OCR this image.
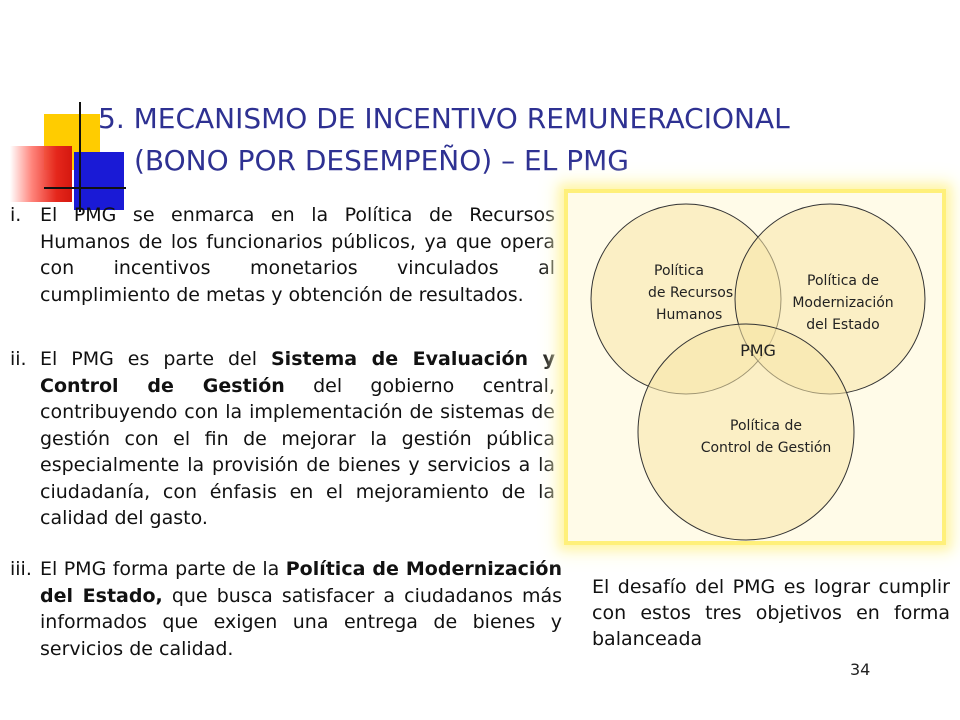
5. MECANISMO DE INCENTIVO REMUNERACIONAL
(BONO POR DESEMPEÑO) – EL PMG

i. El PMG se enmarca en la Política de Recursos Humanos de los funcionarios públicos, ya que opera con incentivos monetarios vinculados al cumplimiento de metas y obtención de resultados.

ii. El PMG es parte del Sistema de Evaluación y Control de Gestión del gobierno central, contribuyendo con la implementación de sistemas de gestión con el fin de mejorar la gestión pública especialmente la provisión de bienes y servicios a la ciudadanía, con énfasis en el mejoramiento de la calidad del gasto.

iii. El PMG forma parte de la Política de Modernización del Estado, que busca satisfacer a ciudadanos más informados que exigen una entrega de bienes y servicios de calidad.

Política
de Recursos
Humanos
Política de
Modernización
del Estado
Política de
Control de Gestión
PMG

El desafío del PMG es lograr cumplir con estos tres objetivos en forma balanceada

34
